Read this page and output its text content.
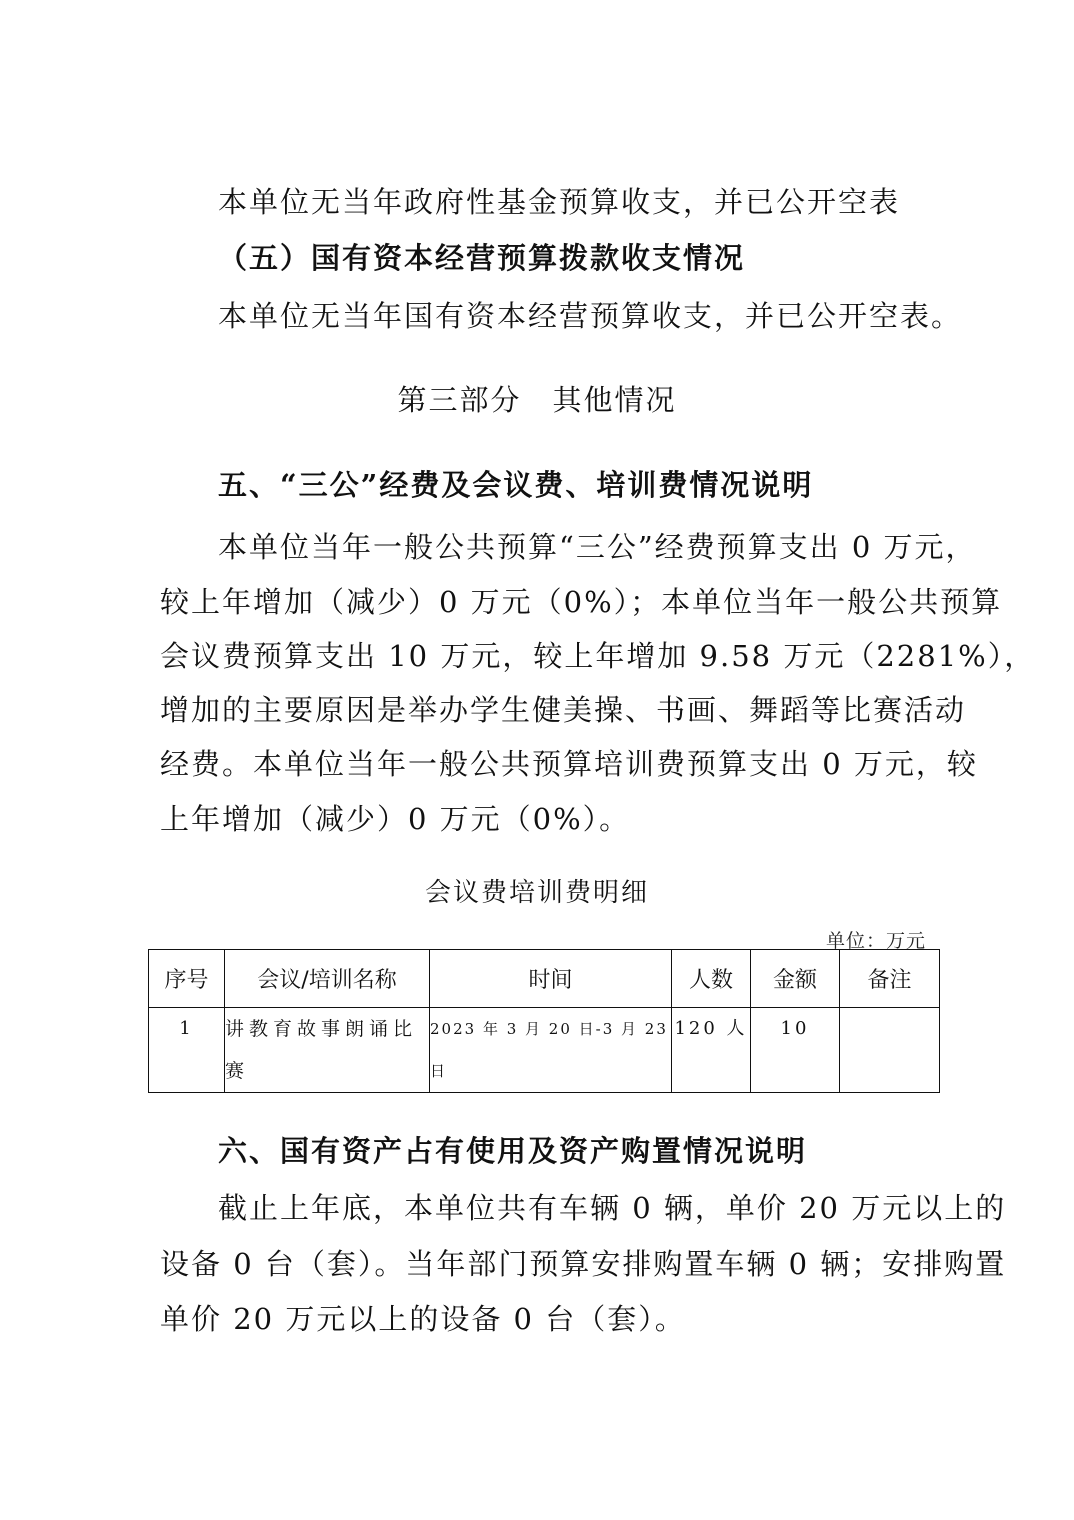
本单位无当年政府性基金预算收支，并已公开空表
（五）国有资本经营预算拨款收支情况
本单位无当年国有资本经营预算收支，并已公开空表。
第三部分　其他情况
五、“三公”经费及会议费、培训费情况说明
本单位当年一般公共预算“三公”经费预算支出 0 万元，
较上年增加（减少）0 万元（0%）；本单位当年一般公共预算
会议费预算支出 10 万元，较上年增加 9.58 万元（2281%），
增加的主要原因是举办学生健美操、书画、舞蹈等比赛活动
经费。本单位当年一般公共预算培训费预算支出 0 万元，较
上年增加（减少）0 万元（0%）。
会议费培训费明细
单位：万元
序号	会议/培训名称	时间	人数	金额	备注
1	讲教育故事朗诵比赛	2023 年 3 月 20 日-3 月 23 日	120 人	10	
六、国有资产占有使用及资产购置情况说明
截止上年底，本单位共有车辆 0 辆，单价 20 万元以上的
设备 0 台（套）。当年部门预算安排购置车辆 0 辆；安排购置
单价 20 万元以上的设备 0 台（套）。
